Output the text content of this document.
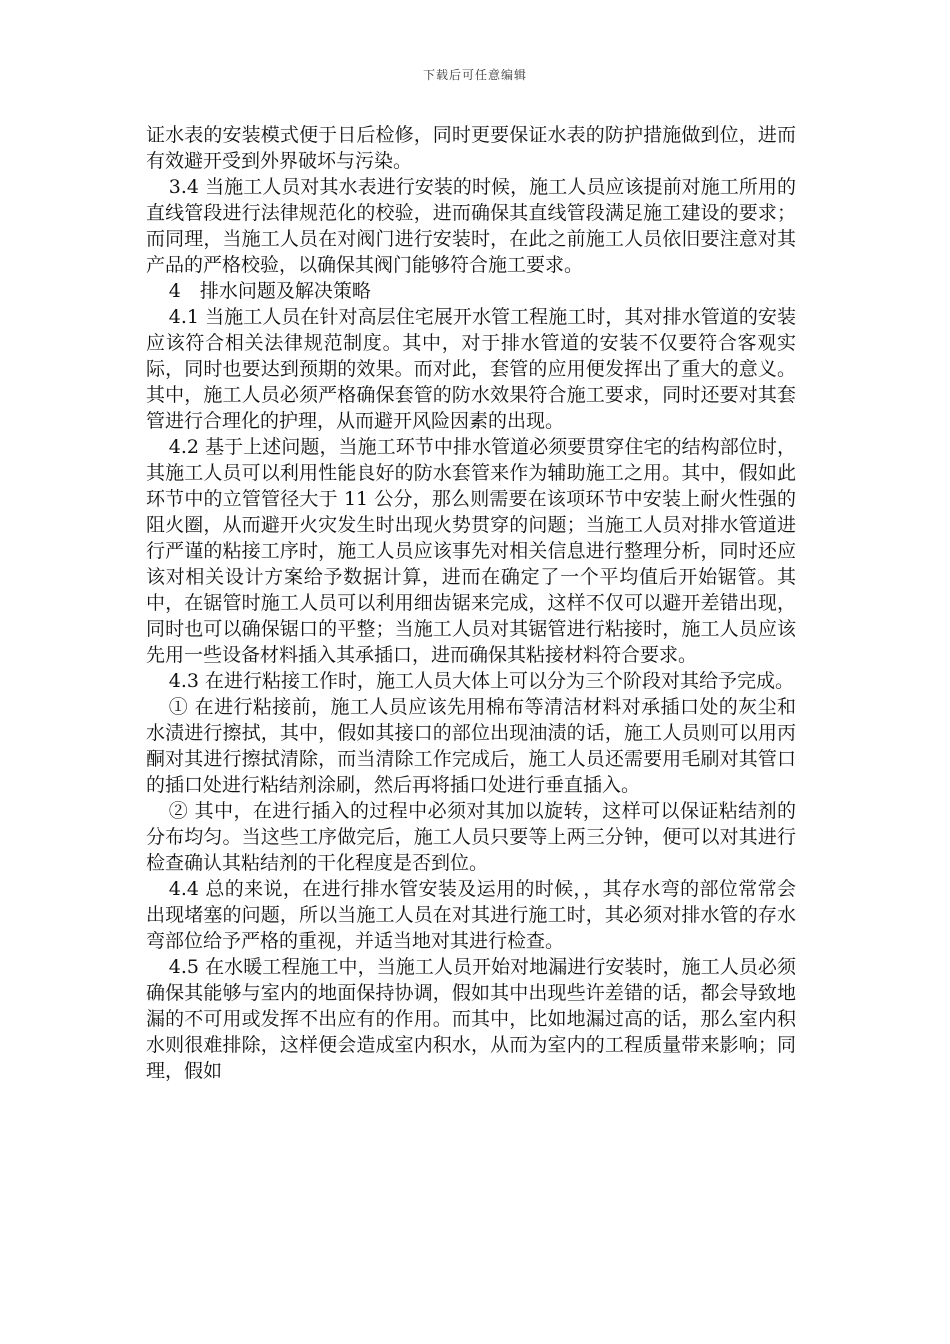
下载后可任意编辑

证水表的安装模式便于日后检修，同时更要保证水表的防护措施做到位，进而有效避开受到外界破坏与污染。

3.4 当施工人员对其水表进行安装的时候，施工人员应该提前对施工所用的直线管段进行法律规范化的校验，进而确保其直线管段满足施工建设的要求；而同理，当施工人员在对阀门进行安装时，在此之前施工人员依旧要注意对其产品的严格校验，以确保其阀门能够符合施工要求。

4　排水问题及解决策略

4.1 当施工人员在针对高层住宅展开水管工程施工时，其对排水管道的安装应该符合相关法律规范制度。其中，对于排水管道的安装不仅要符合客观实际，同时也要达到预期的效果。而对此，套管的应用便发挥出了重大的意义。其中，施工人员必须严格确保套管的防水效果符合施工要求，同时还要对其套管进行合理化的护理，从而避开风险因素的出现。

4.2 基于上述问题，当施工环节中排水管道必须要贯穿住宅的结构部位时，其施工人员可以利用性能良好的防水套管来作为辅助施工之用。其中，假如此环节中的立管管径大于 11 公分，那么则需要在该项环节中安装上耐火性强的阻火圈，从而避开火灾发生时出现火势贯穿的问题；当施工人员对排水管道进行严谨的粘接工序时，施工人员应该事先对相关信息进行整理分析，同时还应该对相关设计方案给予数据计算，进而在确定了一个平均值后开始锯管。其中，在锯管时施工人员可以利用细齿锯来完成，这样不仅可以避开差错出现，同时也可以确保锯口的平整；当施工人员对其锯管进行粘接时，施工人员应该先用一些设备材料插入其承插口，进而确保其粘接材料符合要求。

4.3 在进行粘接工作时，施工人员大体上可以分为三个阶段对其给予完成。

① 在进行粘接前，施工人员应该先用棉布等清洁材料对承插口处的灰尘和水渍进行擦拭，其中，假如其接口的部位出现油渍的话，施工人员则可以用丙酮对其进行擦拭清除，而当清除工作完成后，施工人员还需要用毛刷对其管口的插口处进行粘结剂涂刷，然后再将插口处进行垂直插入。

② 其中，在进行插入的过程中必须对其加以旋转，这样可以保证粘结剂的分布均匀。当这些工序做完后，施工人员只要等上两三分钟，便可以对其进行检查确认其粘结剂的干化程度是否到位。

4.4 总的来说，在进行排水管安装及运用的时候，，其存水弯的部位常常会出现堵塞的问题，所以当施工人员在对其进行施工时，其必须对排水管的存水弯部位给予严格的重视，并适当地对其进行检查。

4.5 在水暖工程施工中，当施工人员开始对地漏进行安装时，施工人员必须确保其能够与室内的地面保持协调，假如其中出现些许差错的话，都会导致地漏的不可用或发挥不出应有的作用。而其中，比如地漏过高的话，那么室内积水则很难排除，这样便会造成室内积水，从而为室内的工程质量带来影响；同理，假如
